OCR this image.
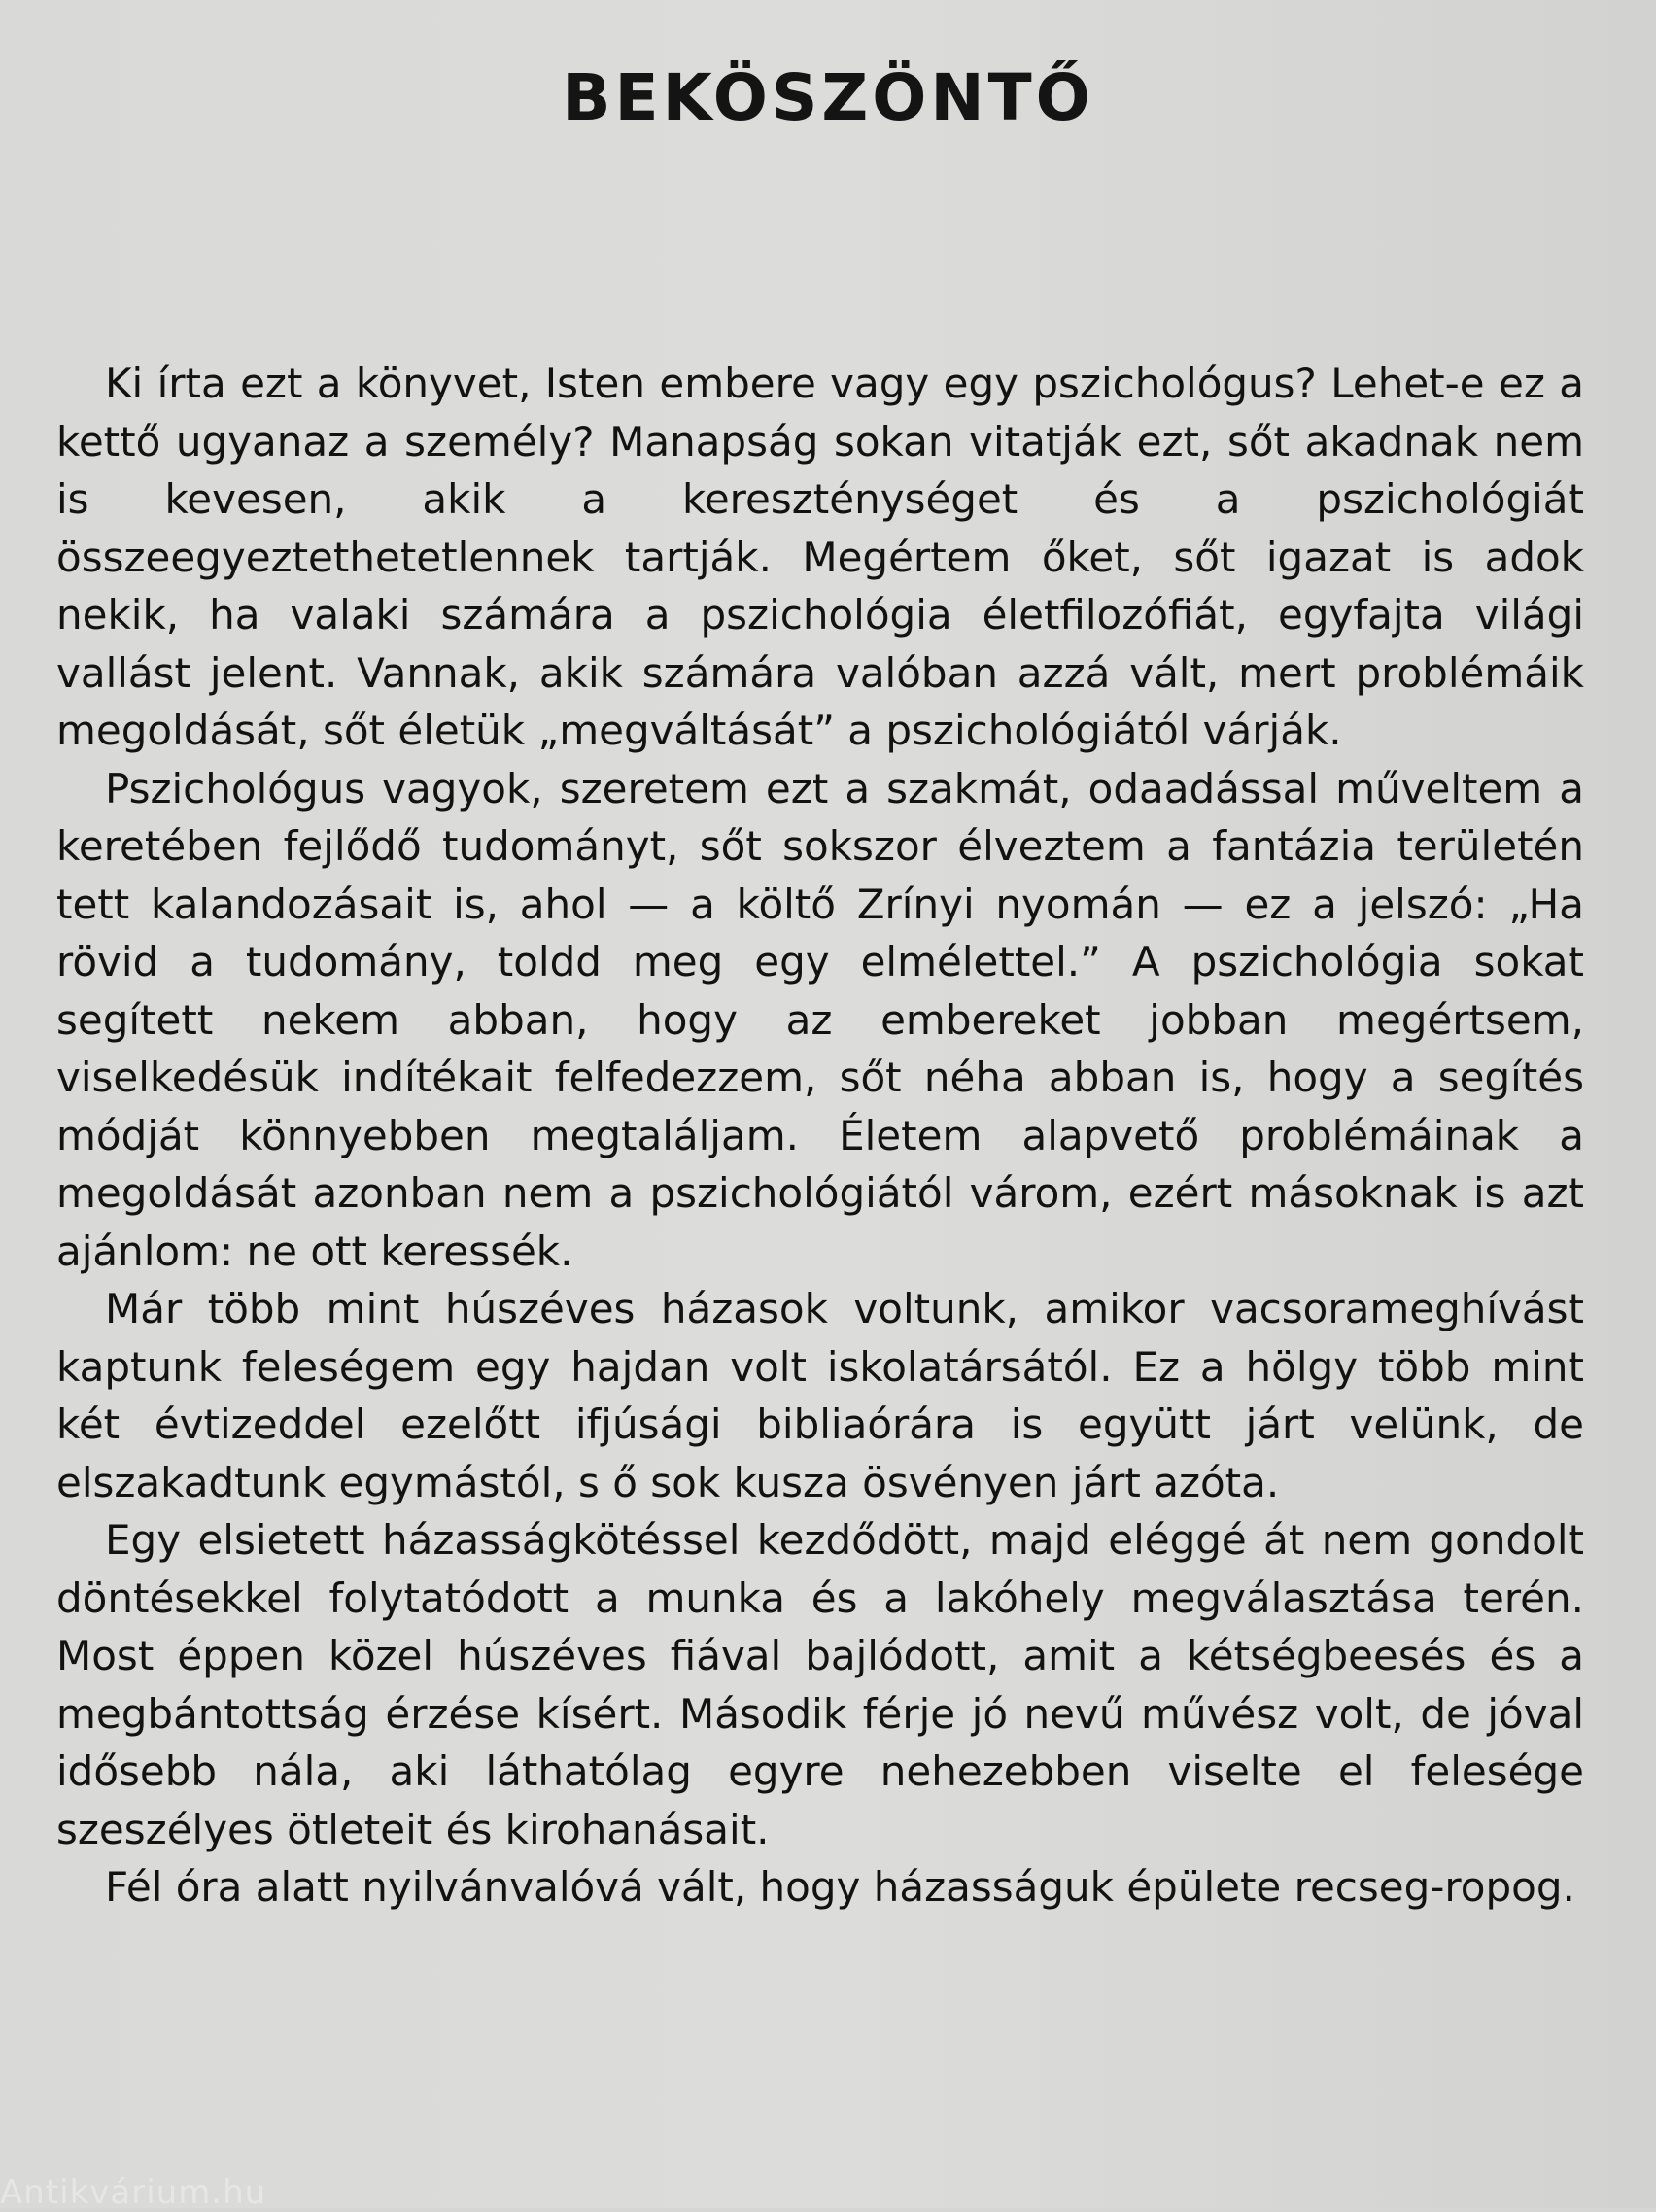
BEKÖSZÖNTŐ

Ki írta ezt a könyvet, Isten embere vagy egy pszichológus? Lehet-e ez a kettő ugyanaz a személy? Manapság sokan vitatják ezt, sőt akadnak nem is kevesen, akik a kereszténységet és a pszichológiát összeegyeztethetetlennek tartják. Megértem őket, sőt igazat is adok nekik, ha valaki számára a pszichológia életfilozófiát, egyfajta világi vallást jelent. Vannak, akik számára valóban azzá vált, mert problémáik megoldását, sőt életük „megváltását” a pszichológiától várják.

Pszichológus vagyok, szeretem ezt a szakmát, odaadással műveltem a keretében fejlődő tudományt, sőt sokszor élveztem a fantázia területén tett kalandozásait is, ahol — a költő Zrínyi nyomán — ez a jelszó: „Ha rövid a tudomány, toldd meg egy elmélettel.” A pszichológia sokat segített nekem abban, hogy az embereket jobban megértsem, viselkedésük indítékait felfedezzem, sőt néha abban is, hogy a segítés módját könnyebben megtaláljam. Életem alapvető problémáinak a megoldását azonban nem a pszichológiától várom, ezért másoknak is azt ajánlom: ne ott keressék.

Már több mint húszéves házasok voltunk, amikor vacsorameghívást kaptunk feleségem egy hajdan volt iskolatársától. Ez a hölgy több mint két évtizeddel ezelőtt ifjúsági bibliaórára is együtt járt velünk, de elszakadtunk egymástól, s ő sok kusza ösvényen járt azóta.

Egy elsietett házasságkötéssel kezdődött, majd eléggé át nem gondolt döntésekkel folytatódott a munka és a lakóhely megválasztása terén. Most éppen közel húszéves fiával bajlódott, amit a kétségbeesés és a megbántottság érzése kísért. Második férje jó nevű művész volt, de jóval idősebb nála, aki láthatólag egyre nehezebben viselte el felesége szeszélyes ötleteit és kirohanásait.

Fél óra alatt nyilvánvalóvá vált, hogy házasságuk épülete recseg-ropog.

Antikvárium.hu
